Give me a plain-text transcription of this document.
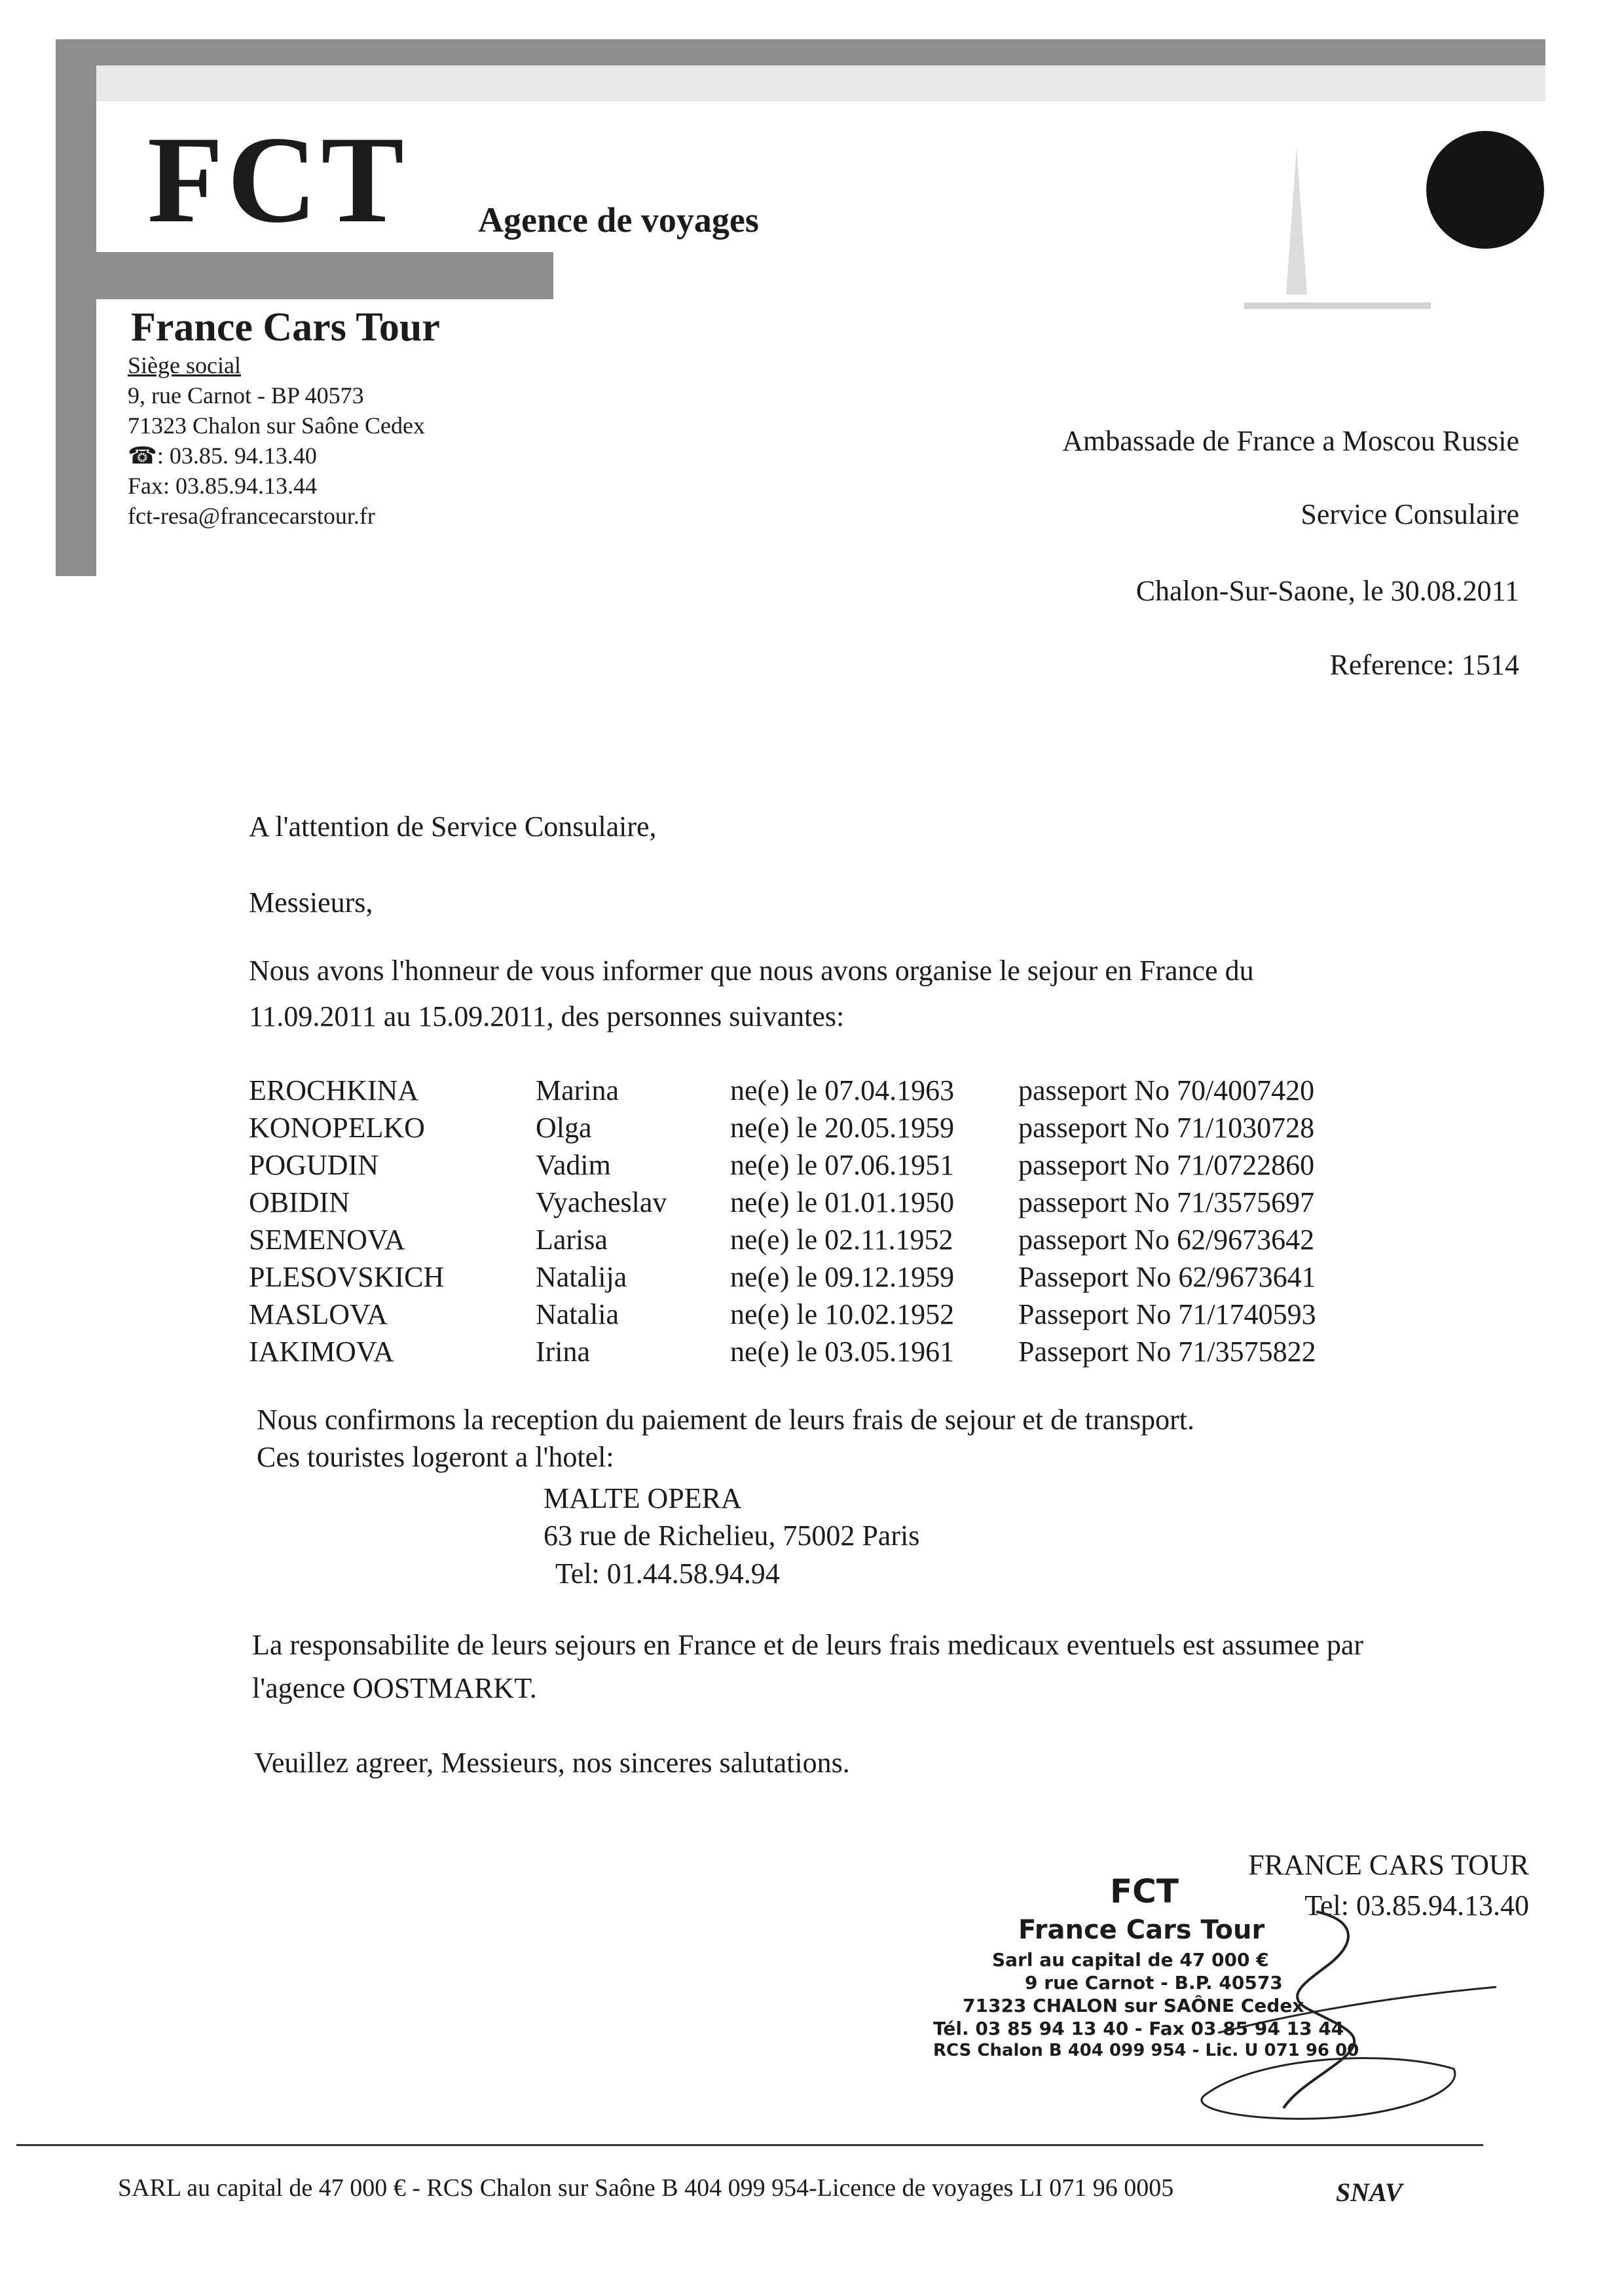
FCT Agence de voyages
France Cars Tour
Siège social
9, rue Carnot - BP 40573
71323 Chalon sur Saône Cedex
☎: 03.85. 94.13.40
Fax: 03.85.94.13.44
fct-resa@francecarstour.fr
Ambassade de France a Moscou Russie
Service Consulaire
Chalon-Sur-Saone, le 30.08.2011
Reference: 1514
A l'attention de Service Consulaire,
Messieurs,
Nous avons l'honneur de vous informer que nous avons organise le sejour en France du
11.09.2011 au 15.09.2011, des personnes suivantes:
EROCHKINA	Marina	ne(e) le 07.04.1963 passeport No 70/4007420
KONOPELKO	Olga	ne(e) le 20.05.1959 passeport No 71/1030728
POGUDIN	Vadim	ne(e) le 07.06.1951 passeport No 71/0722860
OBIDIN	Vyacheslav ne(e) le 01.01.1950 passeport No 71/3575697
SEMENOVA	Larisa	ne(e) le 02.11.1952 passeport No 62/9673642
PLESOVSKICH	Natalija	ne(e) le 09.12.1959 Passeport No 62/9673641
MASLOVA	Natalia	ne(e) le 10.02.1952 Passeport No 71/1740593
IAKIMOVA	Irina	ne(e) le 03.05.1961 Passeport No 71/3575822
Nous confirmons la reception du paiement de leurs frais de sejour et de transport.
Ces touristes logeront a l'hotel:
MALTE OPERA
63 rue de Richelieu, 75002 Paris
Tel: 01.44.58.94.94
La responsabilite de leurs sejours en France et de leurs frais medicaux eventuels est assumee par
l'agence OOSTMARKT.
Veuillez agreer, Messieurs, nos sinceres salutations.
FRANCE CARS TOUR
Tel: 03.85.94.13.40
FCT
France Cars Tour
Sarl au capital de 47 000 €
9 rue Carnot - B.P. 40573
71323 CHALON sur SAÔNE Cedex
Tél. 03 85 94 13 40 - Fax 03 85 94 13 44
RCS Chalon B 404 099 954 - Lic. U 071 96 00
SARL au capital de 47 000 € - RCS Chalon sur Saône B 404 099 954-Licence de voyages LI 071 96 0005	SNAV
